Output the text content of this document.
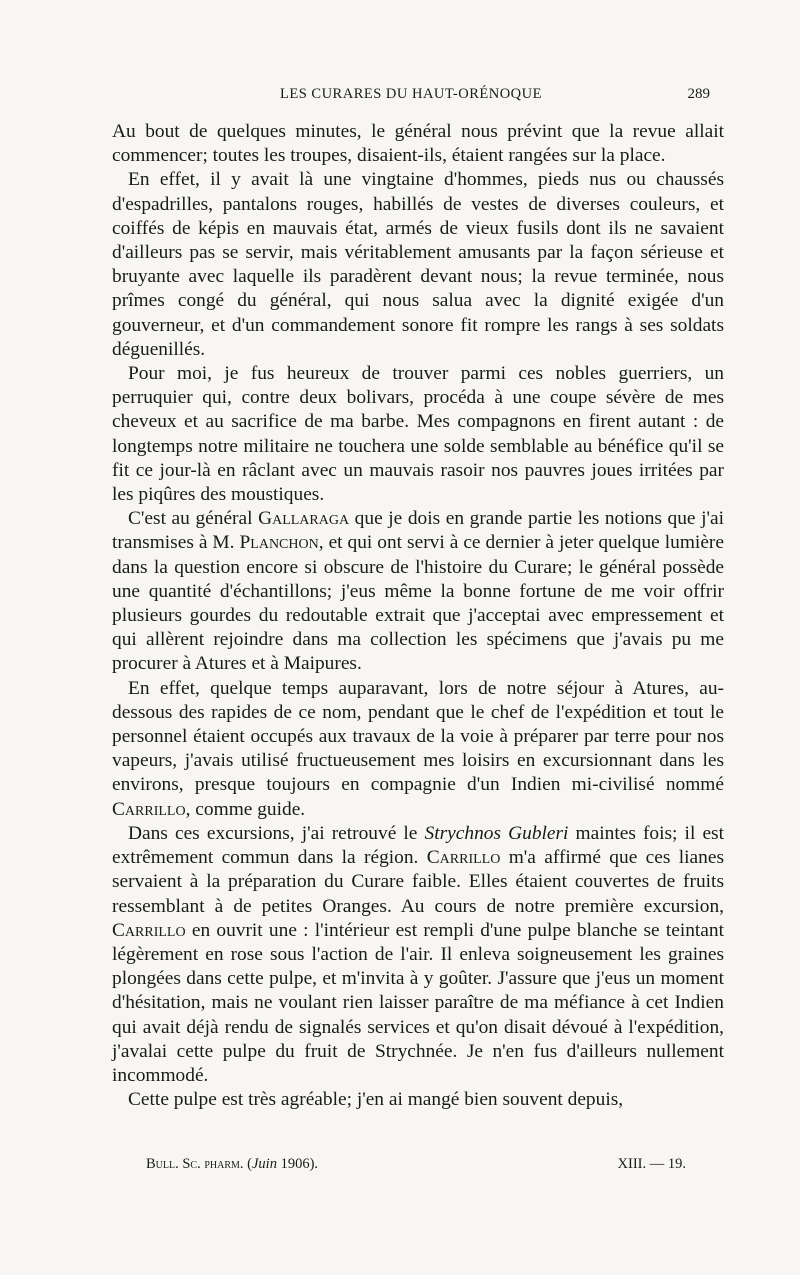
LES CURARES DU HAUT-ORÉNOQUE	289

Au bout de quelques minutes, le général nous prévint que la revue allait commencer; toutes les troupes, disaient-ils, étaient rangées sur la place.

En effet, il y avait là une vingtaine d'hommes, pieds nus ou chaussés d'espadrilles, pantalons rouges, habillés de vestes de diverses couleurs, et coiffés de képis en mauvais état, armés de vieux fusils dont ils ne savaient d'ailleurs pas se servir, mais véritablement amusants par la façon sérieuse et bruyante avec laquelle ils paradèrent devant nous; la revue terminée, nous prîmes congé du général, qui nous salua avec la dignité exigée d'un gouverneur, et d'un commandement sonore fit rompre les rangs à ses soldats déguenillés.

Pour moi, je fus heureux de trouver parmi ces nobles guerriers, un perruquier qui, contre deux bolivars, procéda à une coupe sévère de mes cheveux et au sacrifice de ma barbe. Mes compagnons en firent autant : de longtemps notre militaire ne touchera une solde semblable au bénéfice qu'il se fit ce jour-là en râclant avec un mauvais rasoir nos pauvres joues irritées par les piqûres des moustiques.

C'est au général Gallaraga que je dois en grande partie les notions que j'ai transmises à M. Planchon, et qui ont servi à ce dernier à jeter quelque lumière dans la question encore si obscure de l'histoire du Curare; le général possède une quantité d'échantillons; j'eus même la bonne fortune de me voir offrir plusieurs gourdes du redoutable extrait que j'acceptai avec empressement et qui allèrent rejoindre dans ma collection les spécimens que j'avais pu me procurer à Atures et à Maipures.

En effet, quelque temps auparavant, lors de notre séjour à Atures, au-dessous des rapides de ce nom, pendant que le chef de l'expédition et tout le personnel étaient occupés aux travaux de la voie à préparer par terre pour nos vapeurs, j'avais utilisé fructueusement mes loisirs en excursionnant dans les environs, presque toujours en compagnie d'un Indien mi-civilisé nommé Carrillo, comme guide.

Dans ces excursions, j'ai retrouvé le Strychnos Gubleri maintes fois; il est extrêmement commun dans la région. Carrillo m'a affirmé que ces lianes servaient à la préparation du Curare faible. Elles étaient couvertes de fruits ressemblant à de petites Oranges. Au cours de notre première excursion, Carrillo en ouvrit une : l'intérieur est rempli d'une pulpe blanche se teintant légèrement en rose sous l'action de l'air. Il enleva soigneusement les graines plongées dans cette pulpe, et m'invita à y goûter. J'assure que j'eus un moment d'hésitation, mais ne voulant rien laisser paraître de ma méfiance à cet Indien qui avait déjà rendu de signalés services et qu'on disait dévoué à l'expédition, j'avalai cette pulpe du fruit de Strychnée. Je n'en fus d'ailleurs nullement incommodé.

Cette pulpe est très agréable; j'en ai mangé bien souvent depuis,

Bull. Sc. pharm. (Juin 1906).	XIII. — 19.
